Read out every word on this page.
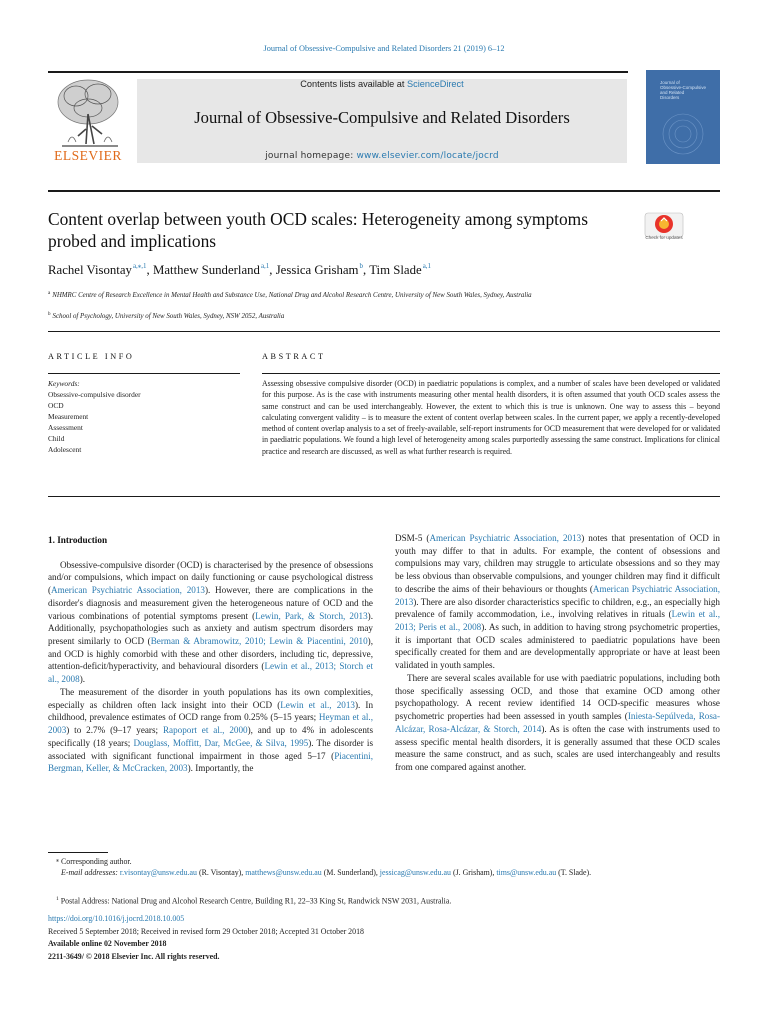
Journal of Obsessive-Compulsive and Related Disorders 21 (2019) 6–12
ELSEVIER
Contents lists available at ScienceDirect
Journal of Obsessive-Compulsive and Related Disorders
journal homepage: www.elsevier.com/locate/jocrd
Journal of
Obsessive-Compulsive
and Related
Disorders
Content overlap between youth OCD scales: Heterogeneity among symptoms probed and implications	Check for updates
Rachel Visontay$^{a,⁎,1}$, Matthew Sunderland$^{a,1}$, Jessica Grisham$^b$, Tim Slade$^{a,1}$
$^a$ NHMRC Centre of Research Excellence in Mental Health and Substance Use, National Drug and Alcohol Research Centre, University of New South Wales, Sydney, Australia
$^b$ School of Psychology, University of New South Wales, Sydney, NSW 2052, Australia
ARTICLE INFO	ABSTRACT
Keywords:
Obsessive-compulsive disorder
OCD
Measurement
Assessment
Child
Adolescent
Assessing obsessive compulsive disorder (OCD) in paediatric populations is complex, and a number of scales have been developed or validated for this purpose. As is the case with instruments measuring other mental health disorders, it is often assumed that youth OCD scales assess the same construct and can be used interchangeably. However, the extent to which this is true is unknown. One way to assess this – beyond calculating convergent validity – is to measure the extent of content overlap between scales. In the current paper, we apply a recently-developed method of content overlap analysis to a set of freely-available, self-report instruments for OCD measurement that were developed for or validated in paediatric populations. We found a high level of heterogeneity among scales purportedly assessing the same construct. Implications for clinical practice and research are discussed, as well as what further research is required.

1. Introduction

Obsessive-compulsive disorder (OCD) is characterised by the presence of obsessions and/or compulsions, which impact on daily functioning or cause psychological distress (American Psychiatric Association, 2013). However, there are complications in the disorder's diagnosis and measurement given the heterogeneous nature of OCD and the various combinations of potential symptoms present (Lewin, Park, & Storch, 2013). Additionally, psychopathologies such as anxiety and autism spectrum disorders may present similarly to OCD (Berman & Abramowitz, 2010; Lewin & Piacentini, 2010), and OCD is highly comorbid with these and other disorders, including tic, depressive, attention-deficit/hyperactivity, and behavioural disorders (Lewin et al., 2013; Storch et al., 2008).

The measurement of the disorder in youth populations has its own complexities, especially as children often lack insight into their OCD (Lewin et al., 2013). In childhood, prevalence estimates of OCD range from 0.25% (5–15 years; Heyman et al., 2003) to 2.7% (9–17 years; Rapoport et al., 2000), and up to 4% in adolescents specifically (18 years; Douglass, Moffitt, Dar, McGee, & Silva, 1995). The disorder is associated with significant functional impairment in those aged 5–17 (Piacentini, Bergman, Keller, & McCracken, 2003). Importantly, the

DSM-5 (American Psychiatric Association, 2013) notes that presentation of OCD in youth may differ to that in adults. For example, the content of obsessions and compulsions may vary, children may struggle to articulate obsessions and so they may be less obvious than observable compulsions, and younger children may find it difficult to describe the aims of their behaviours or thoughts (American Psychiatric Association, 2013). There are also disorder characteristics specific to children, e.g., an especially high prevalence of family accommodation, i.e., involving relatives in rituals (Lewin et al., 2013; Peris et al., 2008). As such, in addition to having strong psychometric properties, it is important that OCD scales administered to paediatric populations have been specifically created for them and are developmentally appropriate or have at least been validated in youth samples.

There are several scales available for use with paediatric populations, including both those specifically assessing OCD, and those that examine OCD among other psychopathology. A recent review identified 14 OCD-specific measures whose psychometric properties had been assessed in youth samples (Iniesta-Sepúlveda, Rosa-Alcázar, Rosa-Alcázar, & Storch, 2014). As is often the case with instruments used to assess specific mental health disorders, it is generally assumed that these OCD scales measure the same construct, and as such, scales are used interchangeably and results from one compared against another.

⁎ Corresponding author.
E-mail addresses: r.visontay@unsw.edu.au (R. Visontay), matthews@unsw.edu.au (M. Sunderland), jessicag@unsw.edu.au (J. Grisham), tims@unsw.edu.au (T. Slade).
$^1$ Postal Address: National Drug and Alcohol Research Centre, Building R1, 22–33 King St, Randwick NSW 2031, Australia.
https://doi.org/10.1016/j.jocrd.2018.10.005
Received 5 September 2018; Received in revised form 29 October 2018; Accepted 31 October 2018
Available online 02 November 2018
2211-3649/ © 2018 Elsevier Inc. All rights reserved.
